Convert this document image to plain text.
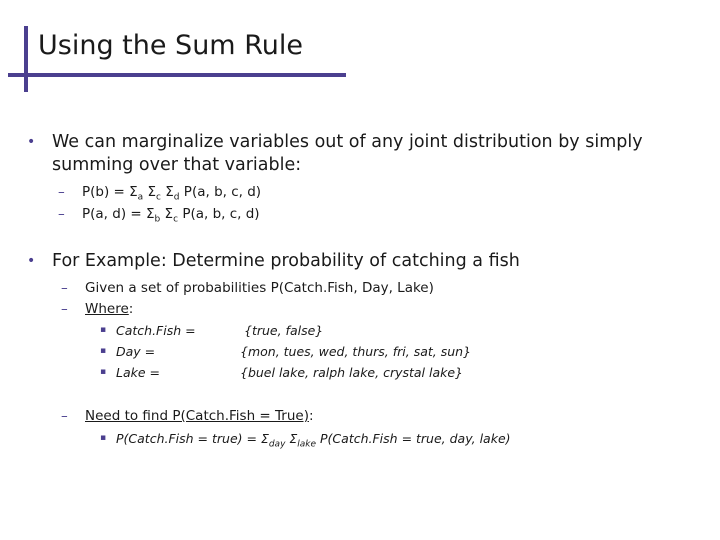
Using the Sum Rule
• We can marginalize variables out of any joint distribution by simply
summing over that variable:
– $P(b) = \Sigma_a$ $\Sigma_c$ $\Sigma_d$ P(a, b, c, d)
– P(a, $d) = \Sigma_b$ $\Sigma_c$ P(a, b, c, d)
• For Example: Determine probability of catching a fish
– Given a set of probabilities P(Catch.Fish, Day, Lake)
– Where:
▪ Catch.Fish =	{true, false}
▪ Day =	{mon, tues, wed, thurs, fri, sat, sun}
▪ Lake =	{buel lake, ralph lake, crystal lake}
– Need to find P(Catch.Fish = True):
▪ P(Catch.Fish = true) = $\Sigma_{day}$ $\Sigma_{lake}$ P(Catch.Fish = true, day, lake)
